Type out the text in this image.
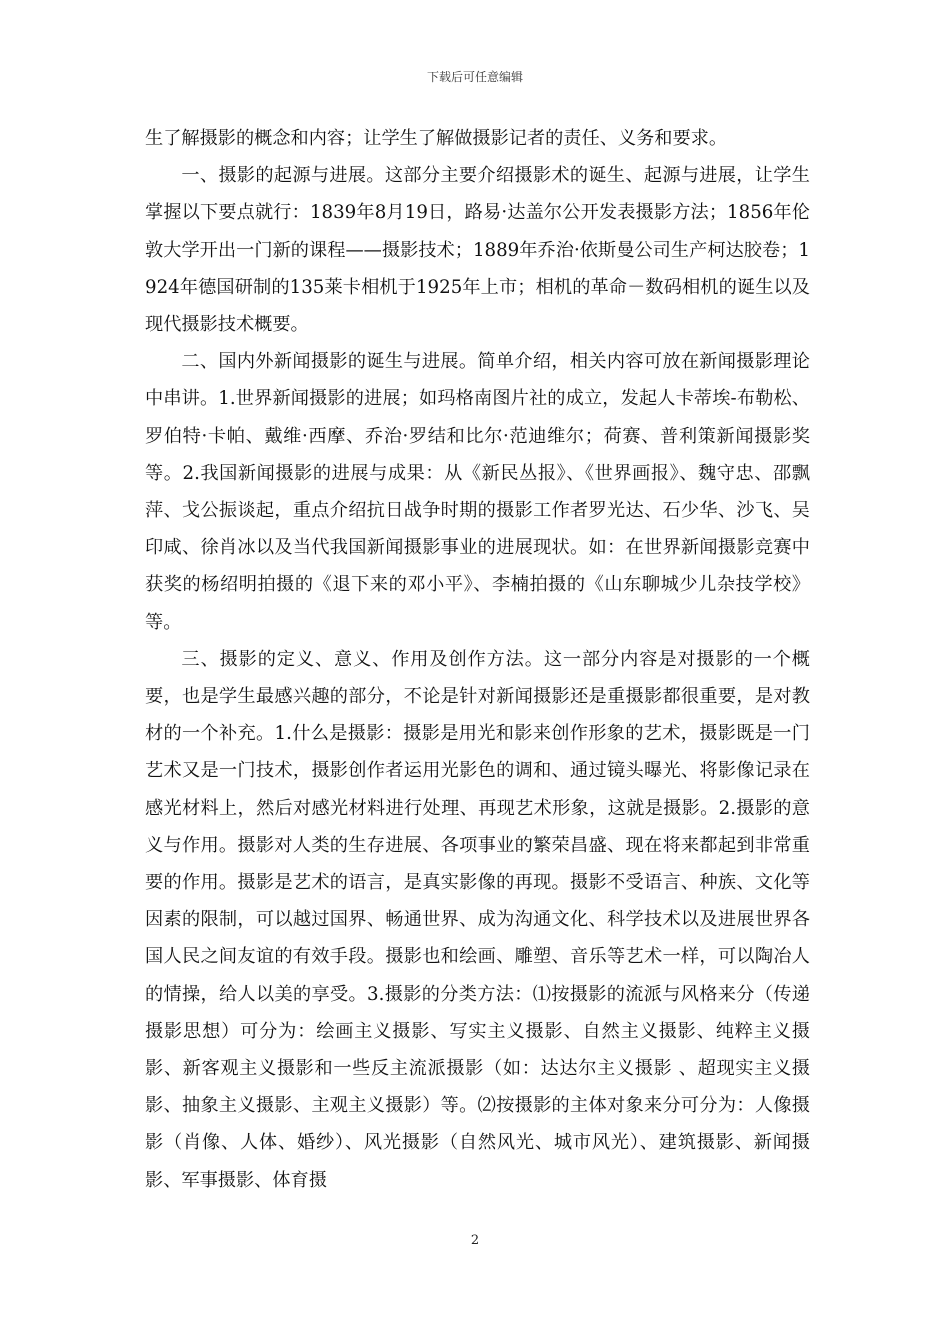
下载后可任意编辑

生了解摄影的概念和内容；让学生了解做摄影记者的责任、义务和要求。

一、摄影的起源与进展。这部分主要介绍摄影术的诞生、起源与进展，让学生掌握以下要点就行：1839年8月19日，路易·达盖尔公开发表摄影方法；1856年伦敦大学开出一门新的课程——摄影技术；1889年乔治·依斯曼公司生产柯达胶卷；1924年德国研制的135莱卡相机于1925年上市；相机的革命－数码相机的诞生以及现代摄影技术概要。

二、国内外新闻摄影的诞生与进展。简单介绍，相关内容可放在新闻摄影理论中串讲。1.世界新闻摄影的进展；如玛格南图片社的成立，发起人卡蒂埃-布勒松、罗伯特·卡帕、戴维·西摩、乔治·罗结和比尔·范迪维尔；荷赛、普利策新闻摄影奖等。2.我国新闻摄影的进展与成果：从《新民丛报》、《世界画报》、魏守忠、邵飘萍、戈公振谈起，重点介绍抗日战争时期的摄影工作者罗光达、石少华、沙飞、吴印咸、徐肖冰以及当代我国新闻摄影事业的进展现状。如：在世界新闻摄影竞赛中获奖的杨绍明拍摄的《退下来的邓小平》、李楠拍摄的《山东聊城少儿杂技学校》等。

三、摄影的定义、意义、作用及创作方法。这一部分内容是对摄影的一个概要，也是学生最感兴趣的部分，不论是针对新闻摄影还是重摄影都很重要，是对教材的一个补充。1.什么是摄影：摄影是用光和影来创作形象的艺术，摄影既是一门艺术又是一门技术，摄影创作者运用光影色的调和、通过镜头曝光、将影像记录在感光材料上，然后对感光材料进行处理、再现艺术形象，这就是摄影。2.摄影的意义与作用。摄影对人类的生存进展、各项事业的繁荣昌盛、现在将来都起到非常重要的作用。摄影是艺术的语言，是真实影像的再现。摄影不受语言、种族、文化等因素的限制，可以越过国界、畅通世界、成为沟通文化、科学技术以及进展世界各国人民之间友谊的有效手段。摄影也和绘画、雕塑、音乐等艺术一样，可以陶冶人的情操，给人以美的享受。3.摄影的分类方法：⑴按摄影的流派与风格来分（传递摄影思想）可分为：绘画主义摄影、写实主义摄影、自然主义摄影、纯粹主义摄影、新客观主义摄影和一些反主流派摄影（如：达达尔主义摄影 、超现实主义摄影、抽象主义摄影、主观主义摄影）等。⑵按摄影的主体对象来分可分为：人像摄影（肖像、人体、婚纱）、风光摄影（自然风光、城市风光）、建筑摄影、新闻摄影、军事摄影、体育摄

2
